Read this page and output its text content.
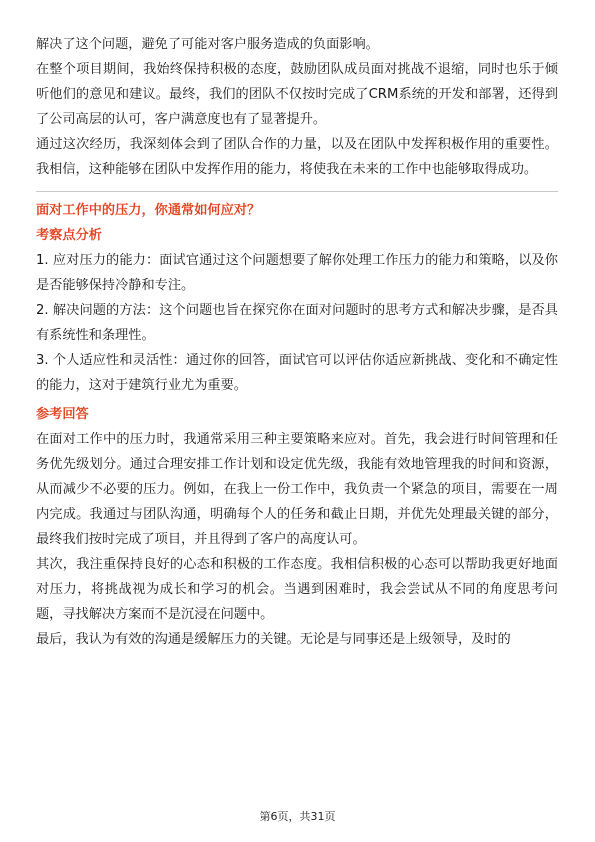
解决了这个问题，避免了可能对客户服务造成的负面影响。

在整个项目期间，我始终保持积极的态度，鼓励团队成员面对挑战不退缩，同时也乐于倾听他们的意见和建议。最终，我们的团队不仅按时完成了CRM系统的开发和部署，还得到了公司高层的认可，客户满意度也有了显著提升。

通过这次经历，我深刻体会到了团队合作的力量，以及在团队中发挥积极作用的重要性。我相信，这种能够在团队中发挥作用的能力，将使我在未来的工作中也能够取得成功。

面对工作中的压力，你通常如何应对？

考察点分析

1. 应对压力的能力：面试官通过这个问题想要了解你处理工作压力的能力和策略，以及你是否能够保持冷静和专注。

2. 解决问题的方法：这个问题也旨在探究你在面对问题时的思考方式和解决步骤，是否具有系统性和条理性。

3. 个人适应性和灵活性：通过你的回答，面试官可以评估你适应新挑战、变化和不确定性的能力，这对于建筑行业尤为重要。

参考回答

在面对工作中的压力时，我通常采用三种主要策略来应对。首先，我会进行时间管理和任务优先级划分。通过合理安排工作计划和设定优先级，我能有效地管理我的时间和资源，从而减少不必要的压力。例如，在我上一份工作中，我负责一个紧急的项目，需要在一周内完成。我通过与团队沟通，明确每个人的任务和截止日期，并优先处理最关键的部分，最终我们按时完成了项目，并且得到了客户的高度认可。

其次，我注重保持良好的心态和积极的工作态度。我相信积极的心态可以帮助我更好地面对压力，将挑战视为成长和学习的机会。当遇到困难时，我会尝试从不同的角度思考问题，寻找解决方案而不是沉浸在问题中。

最后，我认为有效的沟通是缓解压力的关键。无论是与同事还是上级领导，及时的

第6页，共31页
